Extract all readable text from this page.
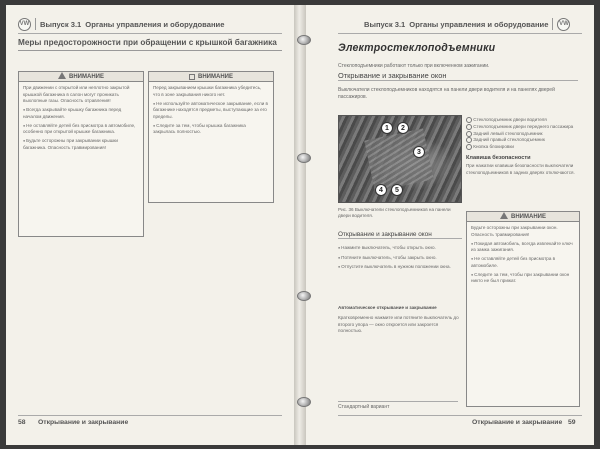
VW Выпуск 3.1 Органы управления и оборудование
Меры предосторожности при обращении с крышкой багажника
ВНИМАНИЕ

При движении с открытой или неплотно закрытой крышкой багажника в салон могут проникать выхлопные газы. Опасность отравления!

● Всегда закрывайте крышку багажника перед началом движения.

● Не оставляйте детей без присмотра в автомобиле, особенно при открытой крышке багажника.

● Будьте осторожны при закрывании крышки багажника. Опасность травмирования!

ВНИМАНИЕ

Перед закрыванием крышки багажника убедитесь, что в зоне закрывания никого нет.

● Не используйте автоматическое закрывание, если в багажнике находятся предметы, выступающие за его пределы.

● Следите за тем, чтобы крышка багажника закрылась полностью.

58 Открывание и закрывание
Выпуск 3.1 Органы управления и оборудование VW
Электростеклоподъемники
Стеклоподъемники работают только при включенном зажигании.
Открывание и закрывание окон
Выключатели стеклоподъемников находятся на панели двери водителя и на панелях дверей пассажиров.
1	2
3
4	5
Рис. 36 Выключатели стеклоподъемников на панели двери водителя.
Стеклоподъемник двери водителя
Стеклоподъемник двери переднего пассажира
Задний левый стеклоподъемник
Задний правый стеклоподъемник
Кнопка блокировки
Клавиша безопасности
При нажатии клавиши безопасности выключатели стеклоподъемников в задних дверях отключаются.
Открывание и закрывание окон

● Нажмите выключатель, чтобы открыть окно.

● Потяните выключатель, чтобы закрыть окно.

● Отпустите выключатель в нужном положении окна.

Автоматическое открывание и закрывание
Кратковременно нажмите или потяните выключатель до второго упора — окно откроется или закроется полностью.
ВНИМАНИЕ

Будьте осторожны при закрывании окон. Опасность травмирования!

● Покидая автомобиль, всегда извлекайте ключ из замка зажигания.

● Не оставляйте детей без присмотра в автомобиле.

● Следите за тем, чтобы при закрывании окон никто не был прижат.

Стандартный вариант
Открывание и закрывание 59
